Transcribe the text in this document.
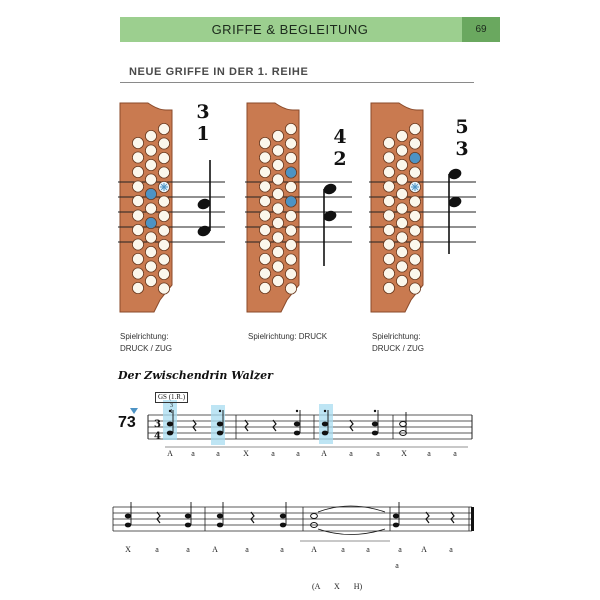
GRIFFE & BEGLEITUNG	69
NEUE GRIFFE IN DER 1. REIHE
3
1	4
2
5
3
3
4
Spielrichtung:
DRUCK / ZUG
Spielrichtung: DRUCK	Spielrichtung:
DRUCK / ZUG
Der Zwischendrin Walzer
73
GS (1.R.)
3
1
A	a	a	X	a	a	A	a	a	X	a	a
X	a	a	A	a	a	A	a	a	a	A	a
a
(A X H)
